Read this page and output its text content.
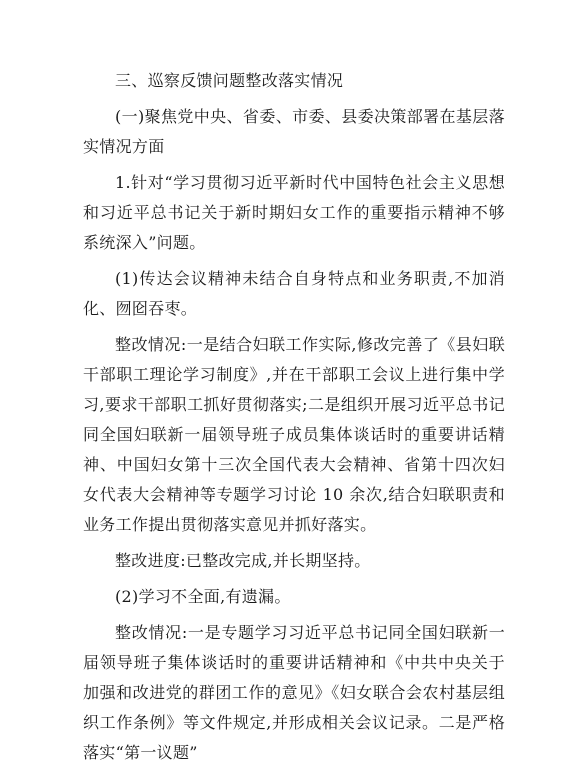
三、巡察反馈问题整改落实情况

(一)聚焦党中央、省委、市委、县委决策部署在基层落实情况方面

1.针对“学习贯彻习近平新时代中国特色社会主义思想和习近平总书记关于新时期妇女工作的重要指示精神不够系统深入”问题。

(1)传达会议精神未结合自身特点和业务职责,不加消化、囫囵吞枣。

整改情况:一是结合妇联工作实际,修改完善了《县妇联干部职工理论学习制度》,并在干部职工会议上进行集中学习,要求干部职工抓好贯彻落实;二是组织开展习近平总书记同全国妇联新一届领导班子成员集体谈话时的重要讲话精神、中国妇女第十三次全国代表大会精神、省第十四次妇女代表大会精神等专题学习讨论 10 余次,结合妇联职责和业务工作提出贯彻落实意见并抓好落实。

整改进度:已整改完成,并长期坚持。

(2)学习不全面,有遗漏。

整改情况:一是专题学习习近平总书记同全国妇联新一届领导班子集体谈话时的重要讲话精神和《中共中央关于加强和改进党的群团工作的意见》《妇女联合会农村基层组织工作条例》等文件规定,并形成相关会议记录。二是严格落实“第一议题”
